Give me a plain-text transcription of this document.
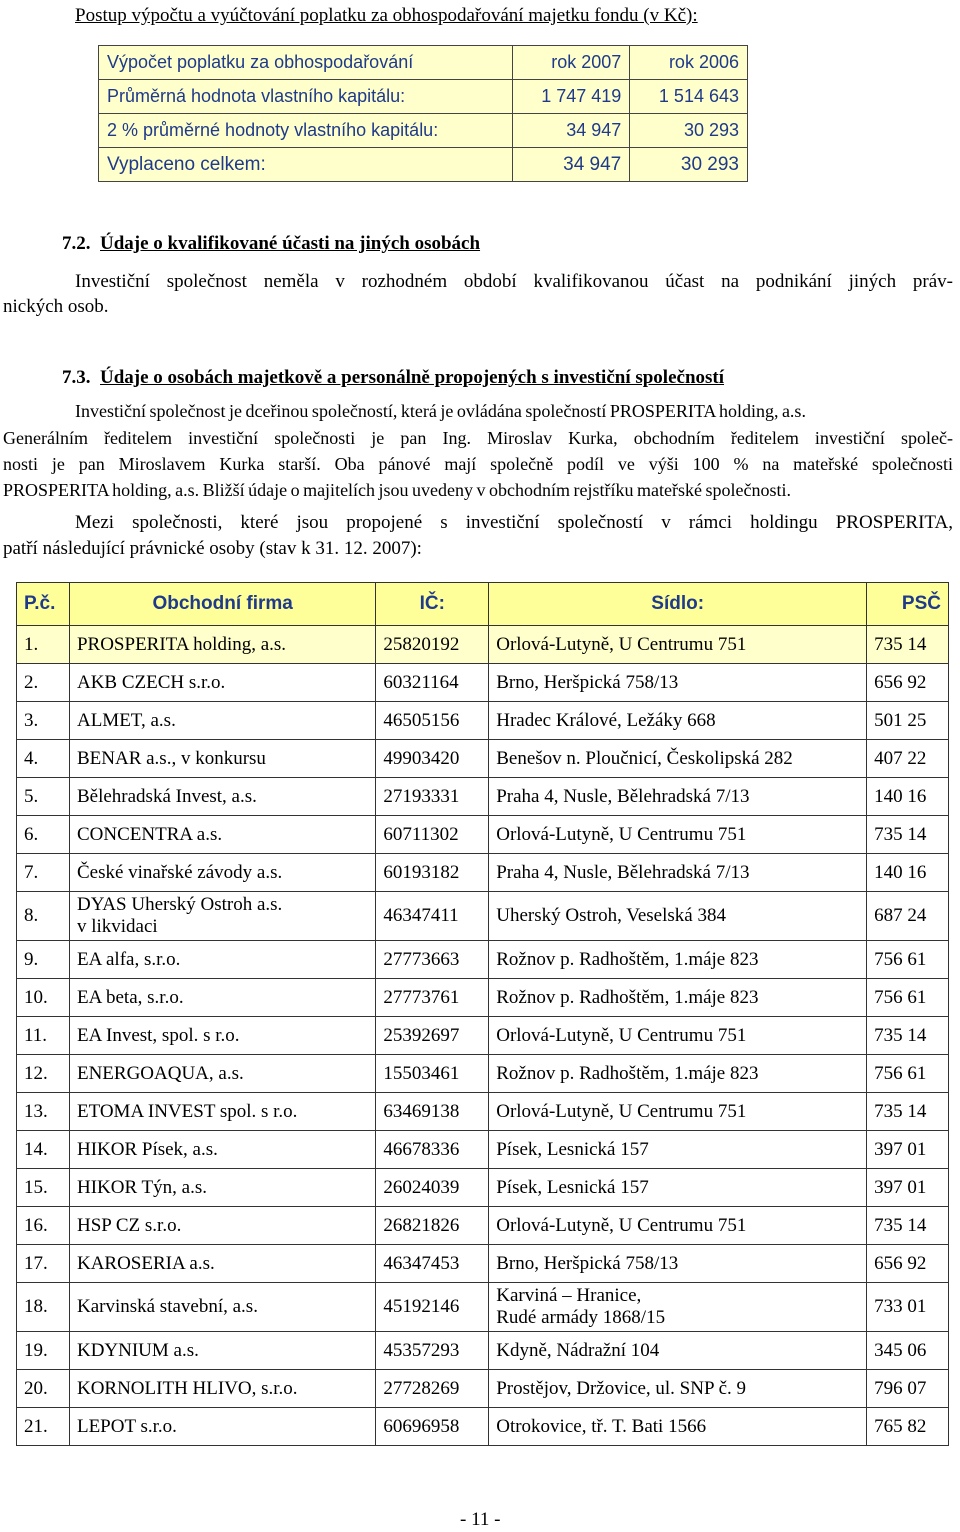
Postup výpočtu a vyúčtování poplatku za obhospodařování majetku fondu (v Kč):
Výpočet poplatku za obhospodařování	rok 2007	rok 2006
Průměrná hodnota vlastního kapitálu:	1 747 419	1 514 643
2 % průměrné hodnoty vlastního kapitálu:	34 947	30 293
Vyplaceno celkem:	34 947	30 293
7.2. Údaje o kvalifikované účasti na jiných osobách
Investiční společnost neměla v rozhodném období kvalifikovanou účast na podnikání jiných práv-
nických osob.
7.3. Údaje o osobách majetkově a personálně propojených s investiční společností
Investiční společnost je dceřinou společností, která je ovládána společností PROSPERITA holding, a.s.
Generálním ředitelem investiční společnosti je pan Ing. Miroslav Kurka, obchodním ředitelem investiční společ-
nosti je pan Miroslavem Kurka starší. Oba pánové mají společně podíl ve výši 100 % na mateřské společnosti
PROSPERITA holding, a.s. Bližší údaje o majitelích jsou uvedeny v obchodním rejstříku mateřské společnosti.
Mezi společnosti, které jsou propojené s investiční společností v rámci holdingu PROSPERITA,
patří následující právnické osoby (stav k 31. 12. 2007):
P.č.	Obchodní firma	IČ:	Sídlo:	PSČ

1.	PROSPERITA holding, a.s.	25820192	Orlová-Lutyně, U Centrumu 751	735 14

2.	AKB CZECH s.r.o.	60321164	Brno, Heršpická 758/13	656 92

3.	ALMET, a.s.	46505156	Hradec Králové, Ležáky 668	501 25

4.	BENAR a.s., v konkursu	49903420	Benešov n. Ploučnicí, Českolipská 282	407 22

5.	Bělehradská Invest, a.s.	27193331	Praha 4, Nusle, Bělehradská 7/13	140 16

6.	CONCENTRA a.s.	60711302	Orlová-Lutyně, U Centrumu 751	735 14

7.	České vinařské závody a.s.	60193182	Praha 4, Nusle, Bělehradská 7/13	140 16

8.	DYAS Uherský Ostroh a.s.
v likvidaci	46347411	Uherský Ostroh, Veselská 384	687 24

9.	EA alfa, s.r.o.	27773663	Rožnov p. Radhoštěm, 1.máje 823	756 61

10.	EA beta, s.r.o.	27773761	Rožnov p. Radhoštěm, 1.máje 823	756 61

11.	EA Invest, spol. s r.o.	25392697	Orlová-Lutyně, U Centrumu 751	735 14

12.	ENERGOAQUA, a.s.	15503461	Rožnov p. Radhoštěm, 1.máje 823	756 61

13.	ETOMA INVEST spol. s r.o.	63469138	Orlová-Lutyně, U Centrumu 751	735 14

14.	HIKOR Písek, a.s.	46678336	Písek, Lesnická 157	397 01

15.	HIKOR Týn, a.s.	26024039	Písek, Lesnická 157	397 01

16.	HSP CZ s.r.o.	26821826	Orlová-Lutyně, U Centrumu 751	735 14

17.	KAROSERIA a.s.	46347453	Brno, Heršpická 758/13	656 92

18.	Karvinská stavební, a.s.	45192146	Karviná – Hranice,
Rudé armády 1868/15	733 01

19.	KDYNIUM a.s.	45357293	Kdyně, Nádražní 104	345 06

20.	KORNOLITH HLIVO, s.r.o.	27728269	Prostějov, Držovice, ul. SNP č. 9	796 07

21.	LEPOT s.r.o.	60696958	Otrokovice, tř. T. Bati 1566	765 82
- 11 -
